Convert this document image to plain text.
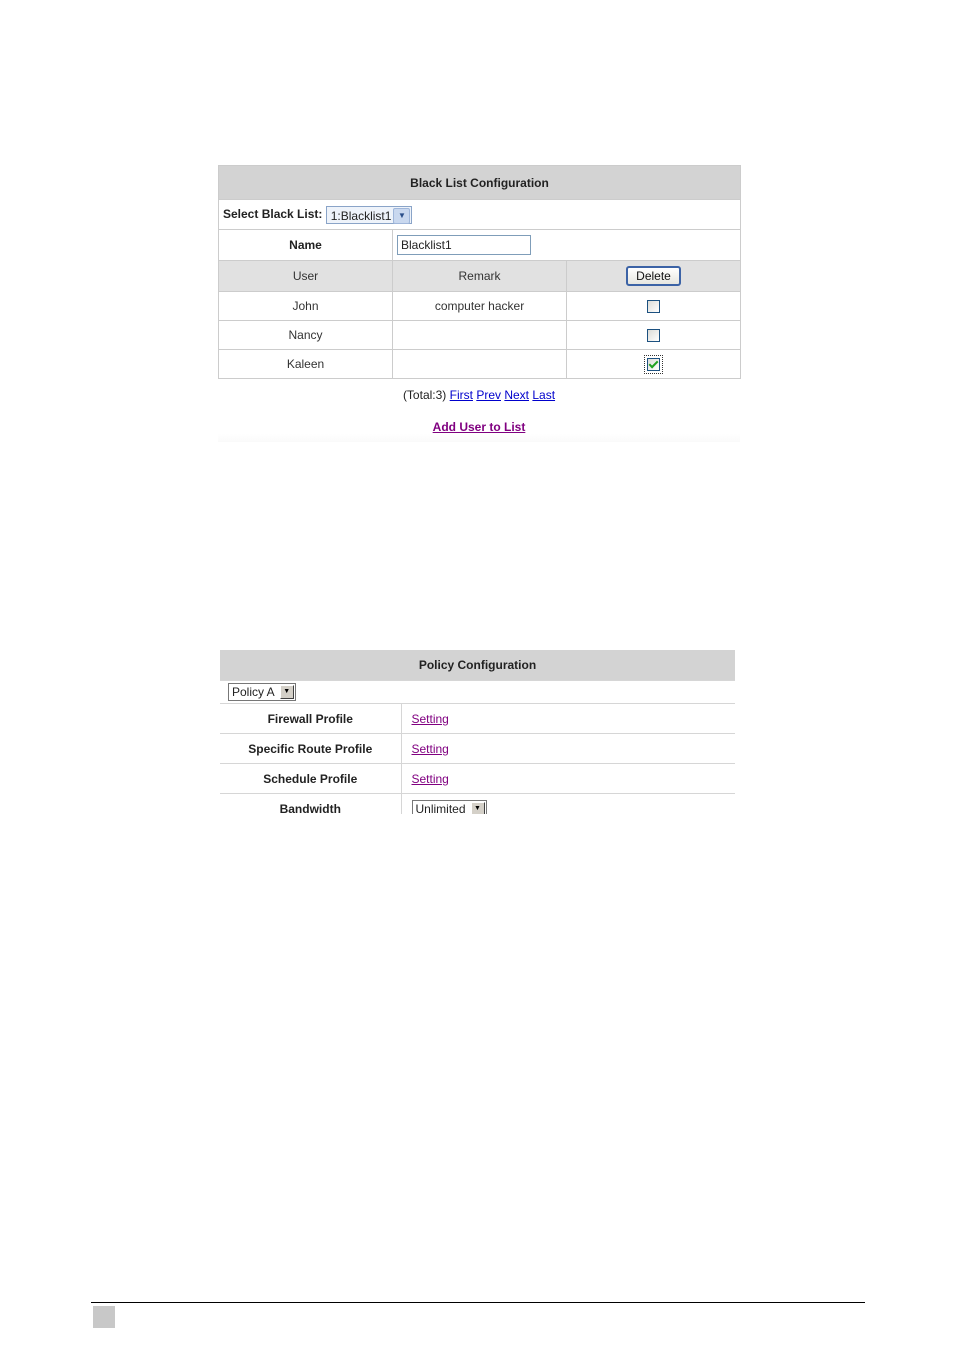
Black List Configuration		
Select Black List: 1:Blacklist1 ▼		

Name	Blacklist1
User	Remark	Delete
John	computer hacker	
Nancy		
Kaleen		
(Total:3) First Prev Next Last
Add User to List
Policy Configuration	
Policy A ▼	

Firewall Profile	Setting
Specific Route Profile	Setting
Schedule Profile	Setting
Bandwidth	Unlimited ▼
